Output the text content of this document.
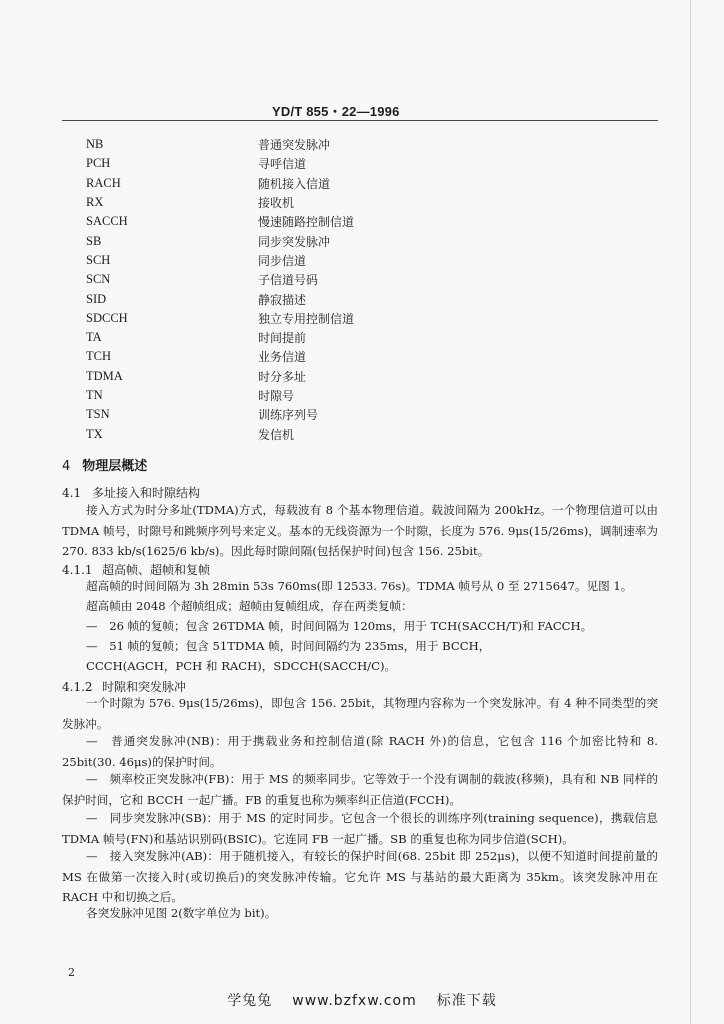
YD/T 855・22—1996
NB	普通突发脉冲
PCH	寻呼信道
RACH	随机接入信道
RX	接收机
SACCH	慢速随路控制信道
SB	同步突发脉冲
SCH	同步信道
SCN	子信道号码
SID	静寂描述
SDCCH	独立专用控制信道
TA	时间提前
TCH	业务信道
TDMA	时分多址
TN	时隙号
TSN	训练序列号
TX	发信机
4 物理层概述
4.1 多址接入和时隙结构
接入方式为时分多址(TDMA)方式，每载波有 8 个基本物理信道。载波间隔为 200kHz。一个物理信道可以由 TDMA 帧号，时隙号和跳频序列号来定义。基本的无线资源为一个时隙，长度为 576. 9μs(15/26ms)，调制速率为 270. 833 kb/s(1625/6 kb/s)。因此每时隙间隔(包括保护时间)包含 156. 25bit。
4.1.1 超高帧、超帧和复帧
超高帧的时间间隔为 3h 28min 53s 760ms(即 12533. 76s)。TDMA 帧号从 0 至 2715647。见图 1。
超高帧由 2048 个超帧组成；超帧由复帧组成，存在两类复帧：
—　26 帧的复帧；包含 26TDMA 帧，时间间隔为 120ms，用于 TCH(SACCH/T)和 FACCH。
—　51 帧的复帧；包含 51TDMA 帧，时间间隔约为 235ms，用于 BCCH，
CCCH(AGCH，PCH 和 RACH)，SDCCH(SACCH/C)。
4.1.2 时隙和突发脉冲
一个时隙为 576. 9μs(15/26ms)，即包含 156. 25bit，其物理内容称为一个突发脉冲。有 4 种不同类型的突发脉冲。
—　普通突发脉冲(NB)：用于携载业务和控制信道(除 RACH 外)的信息，它包含 116 个加密比特和 8. 25bit(30. 46μs)的保护时间。
—　频率校正突发脉冲(FB)：用于 MS 的频率同步。它等效于一个没有调制的载波(移频)，具有和 NB 同样的保护时间，它和 BCCH 一起广播。FB 的重复也称为频率纠正信道(FCCH)。
—　同步突发脉冲(SB)：用于 MS 的定时同步。它包含一个很长的训练序列(training sequence)，携载信息 TDMA 帧号(FN)和基站识别码(BSIC)。它连同 FB 一起广播。SB 的重复也称为同步信道(SCH)。
—　接入突发脉冲(AB)：用于随机接入，有较长的保护时间(68. 25bit 即 252μs)，以便不知道时间提前量的 MS 在做第一次接入时(或切换后)的突发脉冲传输。它允许 MS 与基站的最大距离为 35km。该突发脉冲用在 RACH 中和切换之后。
各突发脉冲见图 2(数字单位为 bit)。
2
学兔兔 www.bzfxw.com 标准下载
